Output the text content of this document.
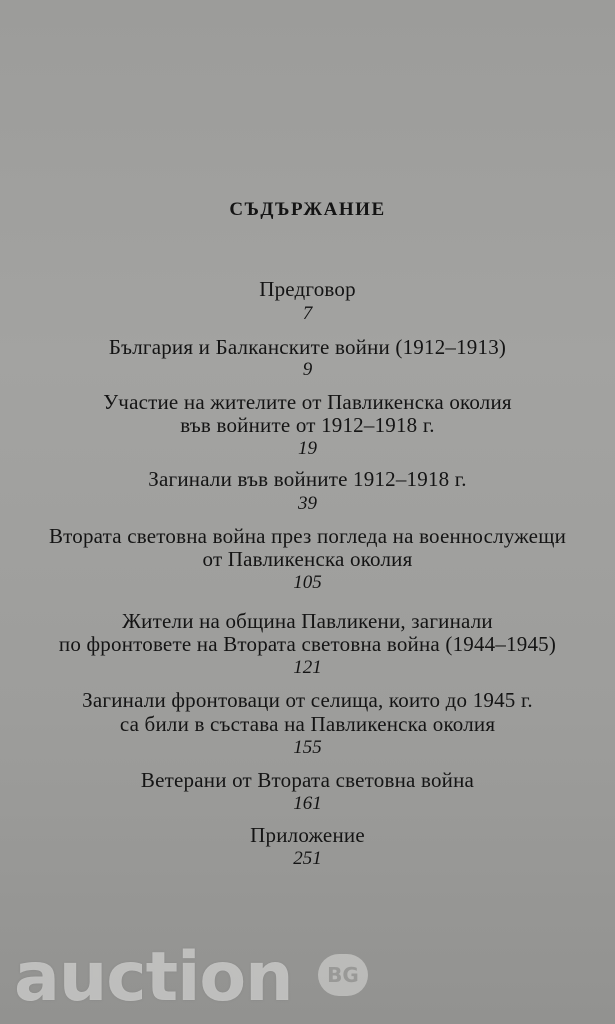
СЪДЪРЖАНИЕ
Предговор
7
България и Балканските войни (1912–1913)
9
Участие на жителите от Павликенска околия
във войните от 1912–1918 г.
19
Загинали във войните 1912–1918 г.
39
Втората световна война през погледа на военнослужещи
от Павликенска околия
105
Жители на община Павликени, загинали
по фронтовете на Втората световна война (1944–1945)
121
Загинали фронтоваци от селища, които до 1945 г.
са били в състава на Павликенска околия
155
Ветерани от Втората световна война
161
Приложение
251
auction	BG
